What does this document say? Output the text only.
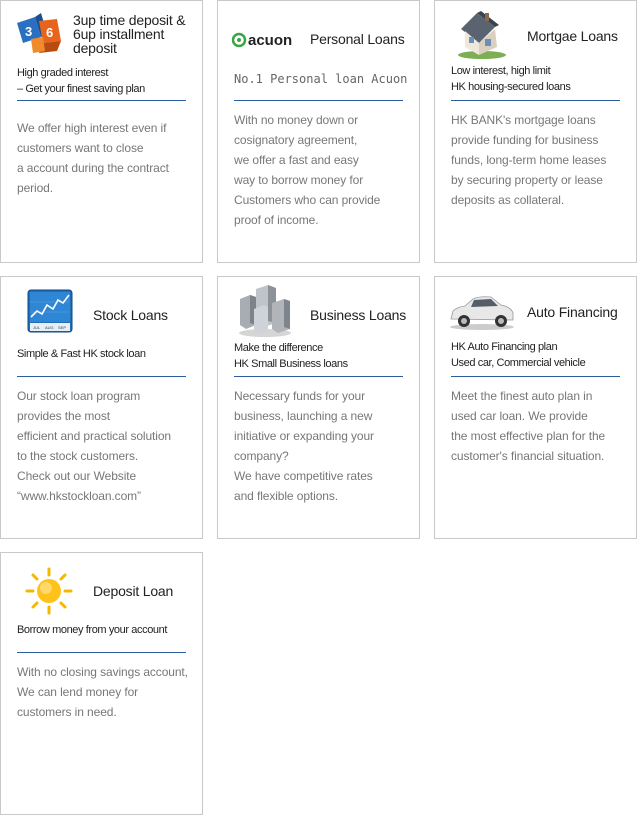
3 6
3up time deposit &
6up installment
deposit
High graded interest
– Get your finest saving plan
We offer high interest even if
customers want to close
a account during the contract
period.
acuon Personal Loans
No.1 Personal loan Acuon
With no money down or
cosignatory agreement,
we offer a fast and easy
way to borrow money for
Customers who can provide
proof of income.
Mortgae Loans
Low interest, high limit
HK housing-secured loans
HK BANK's mortgage loans
provide funding for business
funds, long-term home leases
by securing property or lease
deposits as collateral.
JUL AUG SEP
Stock Loans
Simple & Fast HK stock loan
Our stock loan program
provides the most
efficient and practical solution
to the stock customers.
Check out our Website
“www.hkstockloan.com”
Business Loans
Make the difference
HK Small Business loans
Necessary funds for your
business, launching a new
initiative or expanding your
company?
We have competitive rates
and flexible options.
Auto Financing
HK Auto Financing plan
Used car, Commercial vehicle
Meet the finest auto plan in
used car loan. We provide
the most effective plan for the
customer's financial situation.
Deposit Loan
Borrow money from your account
With no closing savings account,
We can lend money for
customers in need.
